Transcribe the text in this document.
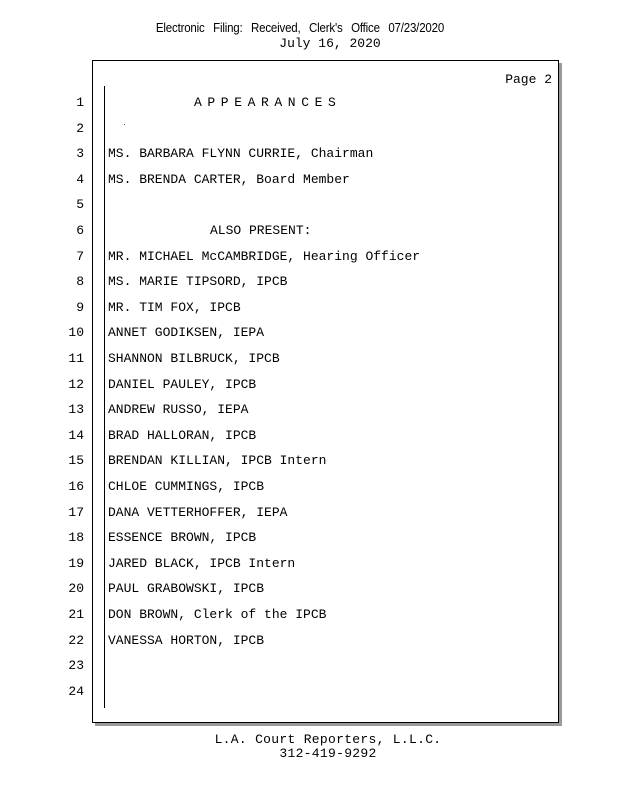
Electronic Filing: Received, Clerk's Office 07/23/2020
July 16, 2020
Page 2
1	APPEARANCES
2
3 MS. BARBARA FLYNN CURRIE, Chairman
4 MS. BRENDA CARTER, Board Member
5
6	ALSO PRESENT:
7 MR. MICHAEL McCAMBRIDGE, Hearing Officer
8 MS. MARIE TIPSORD, IPCB
9 MR. TIM FOX, IPCB
10 ANNET GODIKSEN, IEPA
11 SHANNON BILBRUCK, IPCB
12 DANIEL PAULEY, IPCB
13 ANDREW RUSSO, IEPA
14 BRAD HALLORAN, IPCB
15 BRENDAN KILLIAN, IPCB Intern
16 CHLOE CUMMINGS, IPCB
17 DANA VETTERHOFFER, IEPA
18 ESSENCE BROWN, IPCB
19 JARED BLACK, IPCB Intern
20 PAUL GRABOWSKI, IPCB
21 DON BROWN, Clerk of the IPCB
22 VANESSA HORTON, IPCB
23
24
L.A. Court Reporters, L.L.C.
312-419-9292
